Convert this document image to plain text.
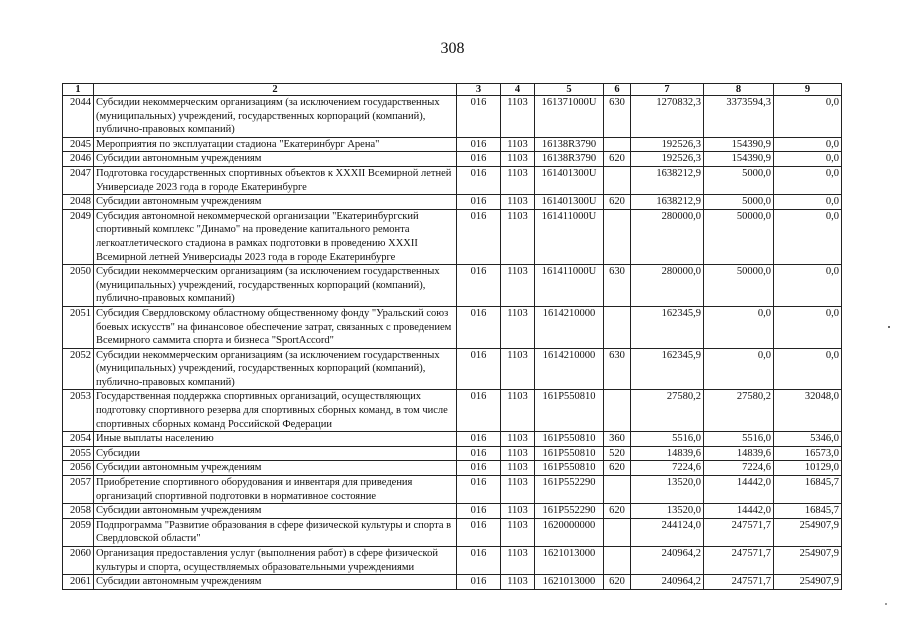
308
1	2	3	4	5	6	7	8	9
2044	Субсидии некоммерческим организациям (за исключением государственных (муниципальных) учреждений, государственных корпораций (компаний), публично-правовых компаний)	016	1103	161371000U	630	1270832,3	3373594,3	0,0
2045	Мероприятия по эксплуатации стадиона "Екатеринбург Арена"	016	1103	16138R3790		192526,3	154390,9	0,0
2046	Субсидии автономным учреждениям	016	1103	16138R3790	620	192526,3	154390,9	0,0
2047	Подготовка государственных спортивных объектов к XXXII Всемирной летней Универсиаде 2023 года в городе Екатеринбурге	016	1103	161401300U		1638212,9	5000,0	0,0
2048	Субсидии автономным учреждениям	016	1103	161401300U	620	1638212,9	5000,0	0,0
2049	Субсидия автономной некоммерческой организации "Екатеринбургский спортивный комплекс "Динамо" на проведение капитального ремонта легкоатлетического стадиона в рамках подготовки в проведению XXXII Всемирной летней Универсиады 2023 года в городе Екатеринбурге	016	1103	161411000U		280000,0	50000,0	0,0
2050	Субсидии некоммерческим организациям (за исключением государственных (муниципальных) учреждений, государственных корпораций (компаний), публично-правовых компаний)	016	1103	161411000U	630	280000,0	50000,0	0,0
2051	Субсидия Свердловскому областному общественному фонду "Уральский союз боевых искусств" на финансовое обеспечение затрат, связанных с проведением Всемирного саммита спорта и бизнеса "SportAccord"	016	1103	1614210000		162345,9	0,0	0,0
2052	Субсидии некоммерческим организациям (за исключением государственных (муниципальных) учреждений, государственных корпораций (компаний), публично-правовых компаний)	016	1103	1614210000	630	162345,9	0,0	0,0
2053	Государственная поддержка спортивных организаций, осуществляющих подготовку спортивного резерва для спортивных сборных команд, в том числе спортивных сборных команд Российской Федерации	016	1103	161P550810		27580,2	27580,2	32048,0
2054	Иные выплаты населению	016	1103	161P550810	360	5516,0	5516,0	5346,0
2055	Субсидии	016	1103	161P550810	520	14839,6	14839,6	16573,0
2056	Субсидии автономным учреждениям	016	1103	161P550810	620	7224,6	7224,6	10129,0
2057	Приобретение спортивного оборудования и инвентаря для приведения организаций спортивной подготовки в нормативное состояние	016	1103	161P552290		13520,0	14442,0	16845,7
2058	Субсидии автономным учреждениям	016	1103	161P552290	620	13520,0	14442,0	16845,7
2059	Подпрограмма "Развитие образования в сфере физической культуры и спорта в Свердловской области"	016	1103	1620000000		244124,0	247571,7	254907,9
2060	Организация предоставления услуг (выполнения работ) в сфере физической культуры и спорта, осуществляемых образовательными учреждениями	016	1103	1621013000		240964,2	247571,7	254907,9
2061	Субсидии автономным учреждениям	016	1103	1621013000	620	240964,2	247571,7	254907,9
